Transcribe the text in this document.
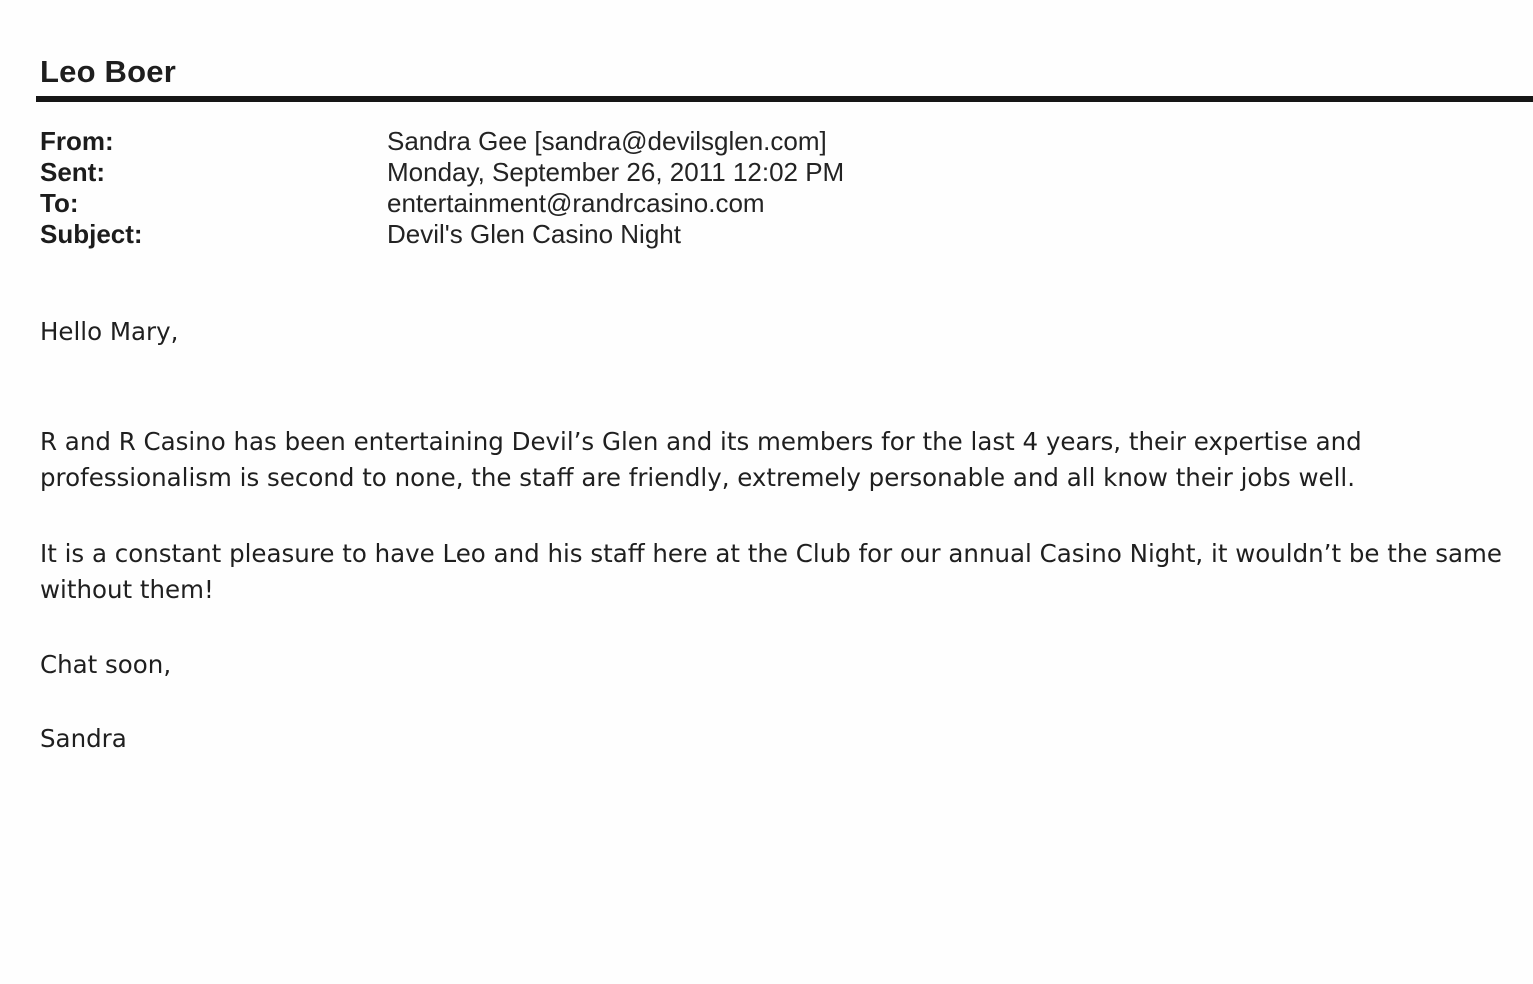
Leo Boer
From:	Sandra Gee [sandra@devilsglen.com]
Sent:	Monday, September 26, 2011 12:02 PM
To:	entertainment@randrcasino.com
Subject:	Devil's Glen Casino Night
Hello Mary,
R and R Casino has been entertaining Devil’s Glen and its members for the last 4 years, their expertise and
professionalism is second to none, the staff are friendly, extremely personable and all know their jobs well.
It is a constant pleasure to have Leo and his staff here at the Club for our annual Casino Night, it wouldn’t be the same
without them!
Chat soon,
Sandra
